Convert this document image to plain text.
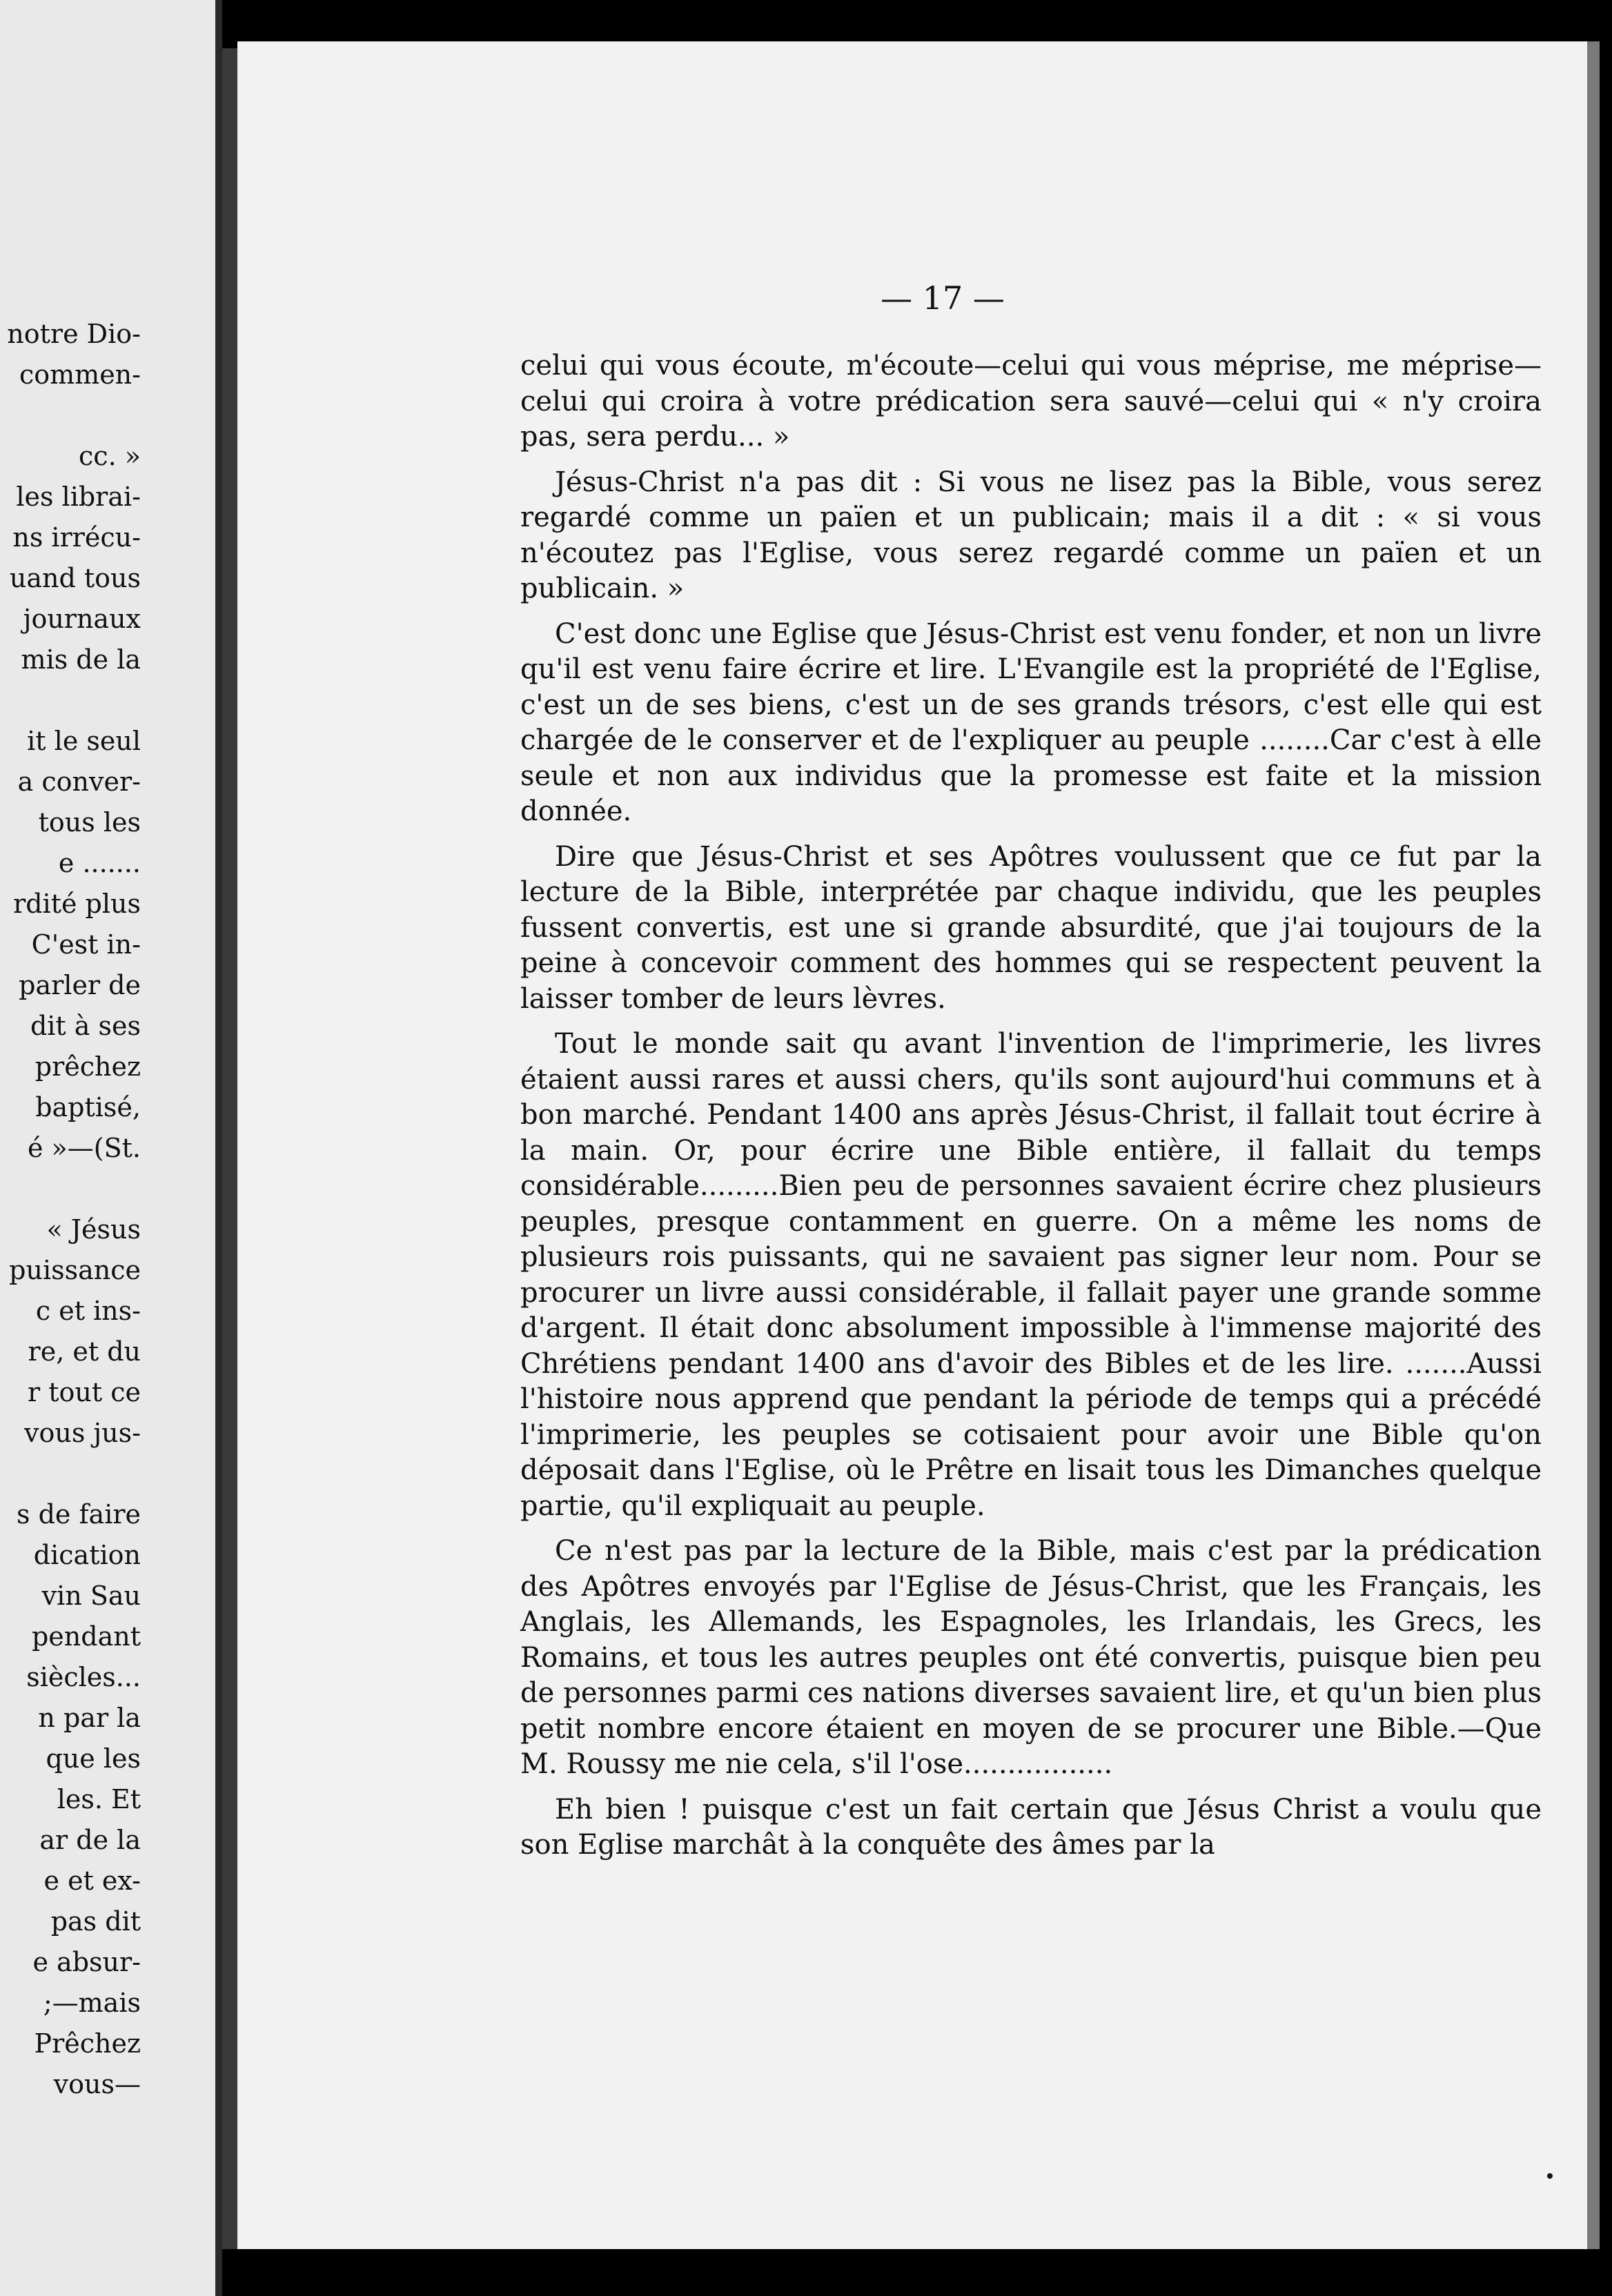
notre Dio-
commen-
cc. »
les librai-
ns irrécu-
uand tous
journaux
mis de la
it le seul
a conver-
tous les
e .......
rdité plus
C'est in-
parler de
dit à ses
prêchez
baptisé,
é »—(St.
« Jésus
puissance
c et ins-
re, et du
r tout ce
vous jus-
s de faire
dication
vin Sau
pendant
siècles...
n par la
que les
les. Et
ar de la
e et ex-
pas dit
e absur-
;—mais
Prêchez
vous—
— 17 —

celui qui vous écoute, m'écoute—celui qui vous méprise, me méprise—celui qui croira à votre prédication sera sauvé—celui qui « n'y croira pas, sera perdu... »

Jésus-Christ n'a pas dit : Si vous ne lisez pas la Bible, vous serez regardé comme un païen et un publicain; mais il a dit : « si vous n'écoutez pas l'Eglise, vous serez regardé comme un païen et un publicain. »

C'est donc une Eglise que Jésus-Christ est venu fonder, et non un livre qu'il est venu faire écrire et lire. L'Evangile est la propriété de l'Eglise, c'est un de ses biens, c'est un de ses grands trésors, c'est elle qui est chargée de le conserver et de l'expliquer au peuple ........Car c'est à elle seule et non aux individus que la promesse est faite et la mission donnée.

Dire que Jésus-Christ et ses Apôtres voulussent que ce fut par la lecture de la Bible, interprétée par chaque individu, que les peuples fussent convertis, est une si grande absurdité, que j'ai toujours de la peine à concevoir comment des hommes qui se respectent peuvent la laisser tomber de leurs lèvres.

Tout le monde sait qu avant l'invention de l'imprimerie, les livres étaient aussi rares et aussi chers, qu'ils sont aujourd'hui communs et à bon marché. Pendant 1400 ans après Jésus-Christ, il fallait tout écrire à la main. Or, pour écrire une Bible entière, il fallait du temps considérable.........Bien peu de personnes savaient écrire chez plusieurs peuples, presque contamment en guerre. On a même les noms de plusieurs rois puissants, qui ne savaient pas signer leur nom. Pour se procurer un livre aussi considérable, il fallait payer une grande somme d'argent. Il était donc absolument impossible à l'immense majorité des Chrétiens pendant 1400 ans d'avoir des Bibles et de les lire. .......Aussi l'histoire nous apprend que pendant la période de temps qui a précédé l'imprimerie, les peuples se cotisaient pour avoir une Bible qu'on déposait dans l'Eglise, où le Prêtre en lisait tous les Dimanches quelque partie, qu'il expliquait au peuple.

Ce n'est pas par la lecture de la Bible, mais c'est par la prédication des Apôtres envoyés par l'Eglise de Jésus-Christ, que les Français, les Anglais, les Allemands, les Espagnoles, les Irlandais, les Grecs, les Romains, et tous les autres peuples ont été convertis, puisque bien peu de personnes parmi ces nations diverses savaient lire, et qu'un bien plus petit nombre encore étaient en moyen de se procurer une Bible.—Que M. Roussy me nie cela, s'il l'ose.................

Eh bien ! puisque c'est un fait certain que Jésus Christ a voulu que son Eglise marchât à la conquête des âmes par la
